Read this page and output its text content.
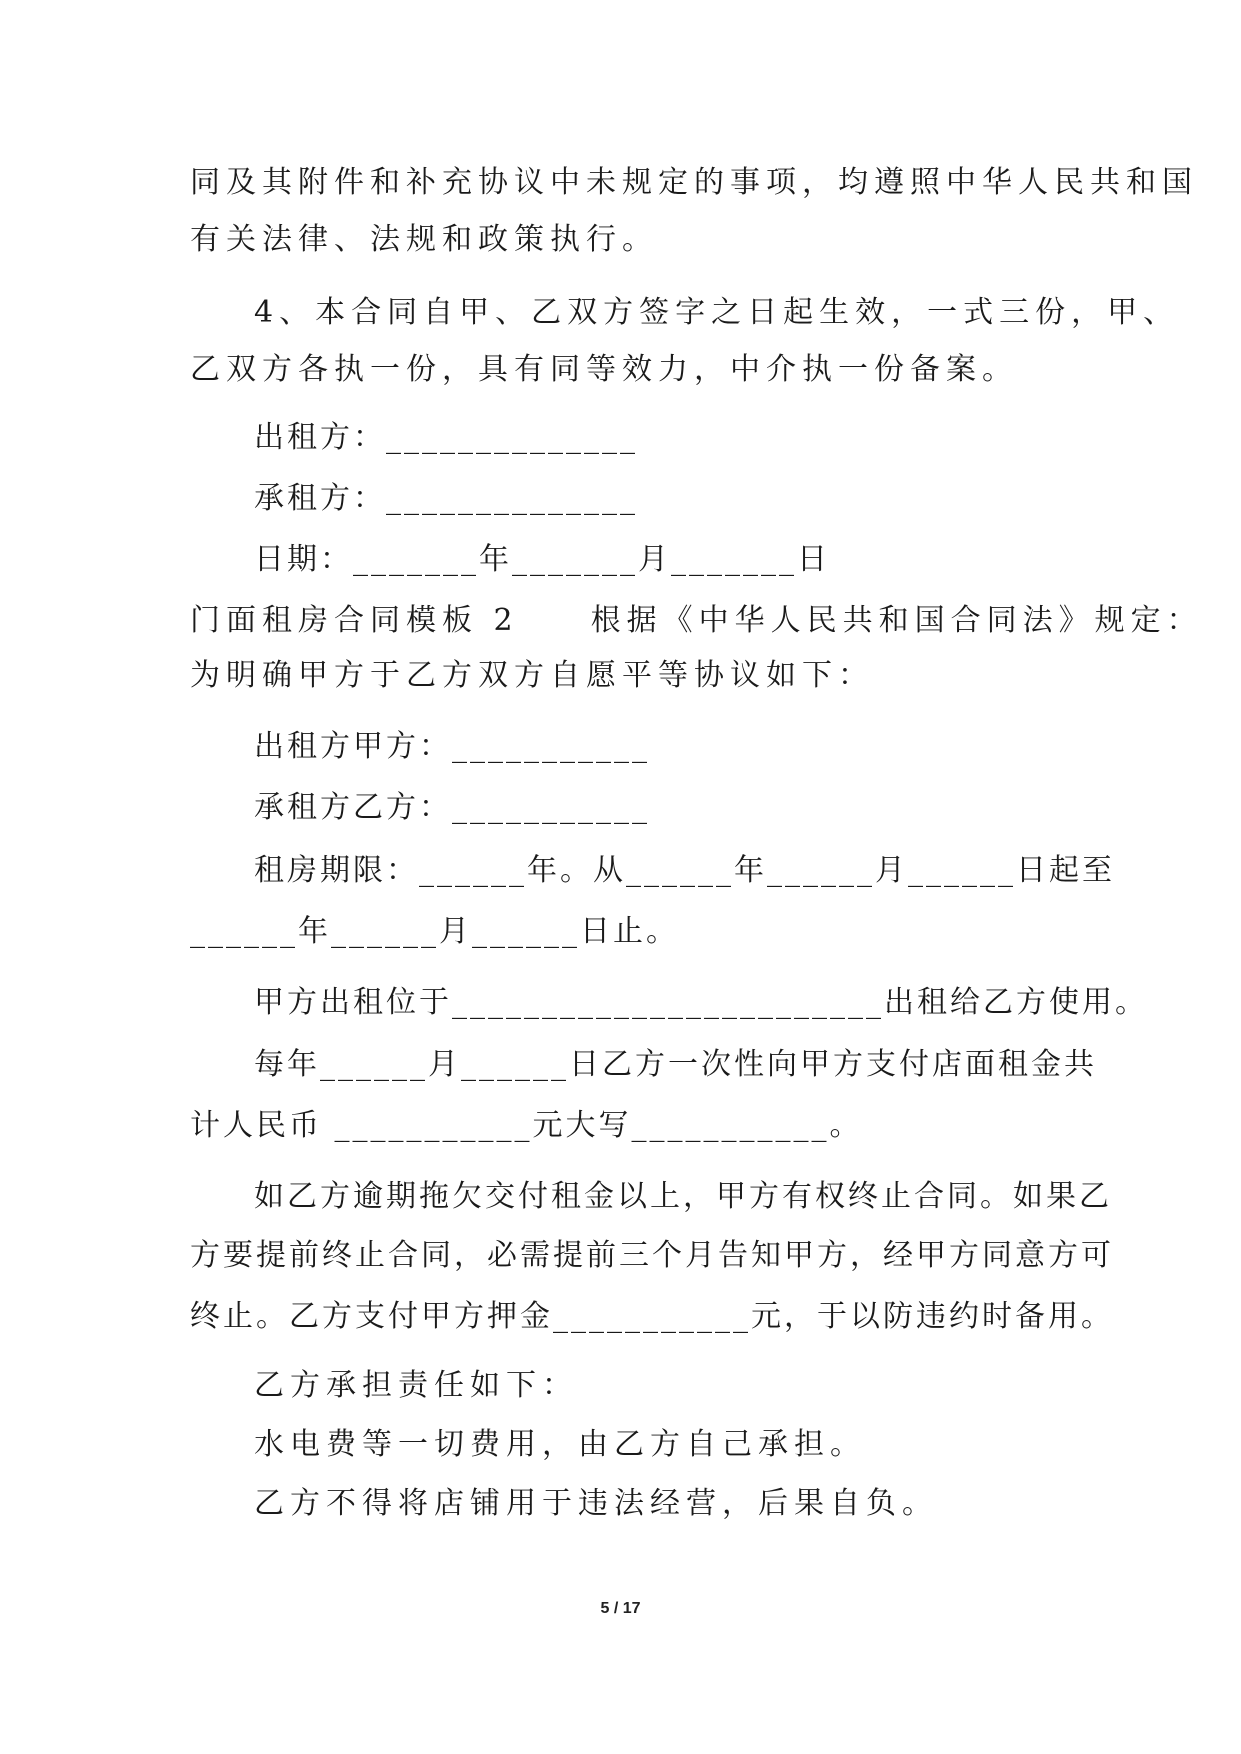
同及其附件和补充协议中未规定的事项，均遵照中华人民共和国
有关法律、法规和政策执行。
4、本合同自甲、乙双方签字之日起生效，一式三份，甲、
乙双方各执一份，具有同等效力，中介执一份备案。
出租方：______________
承租方：______________
日期：_______年_______月_______日
门面租房合同模板 2　　根据《中华人民共和国合同法》规定：
为明确甲方于乙方双方自愿平等协议如下：
出租方甲方：___________
承租方乙方：___________
租房期限：______年。从______年______月______日起至
______年______月______日止。
甲方出租位于________________________出租给乙方使用。
每年______月______日乙方一次性向甲方支付店面租金共
计人民币 ___________元大写___________。
如乙方逾期拖欠交付租金以上，甲方有权终止合同。如果乙
方要提前终止合同，必需提前三个月告知甲方，经甲方同意方可
终止。乙方支付甲方押金___________元，于以防违约时备用。
乙方承担责任如下：
水电费等一切费用，由乙方自己承担。
乙方不得将店铺用于违法经营，后果自负。
5 / 17
